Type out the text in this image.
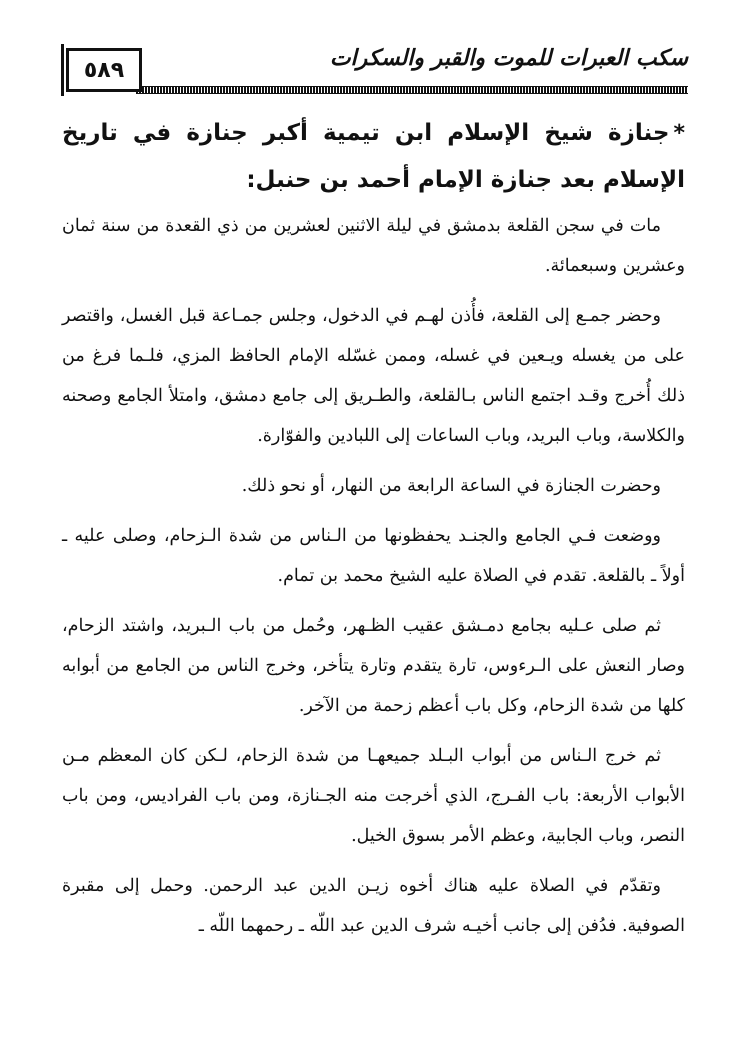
سكب العبرات للموت والقبر والسكرات
٥٨٩
*جنازة شيخ الإسلام ابن تيمية أكبر جنازة في تاريخ الإسلام بعد جنازة الإمام أحمد بن حنبل:

مات في سجن القلعة بدمشق في ليلة الاثنين لعشرين من ذي القعدة من سنة ثمان وعشرين وسبعمائة.

وحضر جمـع إلى القلعة، فأُذن لهـم في الدخول، وجلس جمـاعة قبل الغسل، واقتصر على من يغسله ويـعين في غسله، وممن غسّله الإمام الحافظ المزي، فلـما فرغ من ذلك أُخرج وقـد اجتمع الناس بـالقلعة، والطـريق إلى جامع دمشق، وامتلأ الجامع وصحنه والكلاسة، وباب البريد، وباب الساعات إلى اللبادين والفوّارة.

وحضرت الجنازة في الساعة الرابعة من النهار، أو نحو ذلك.

ووضعت فـي الجامع والجنـد يحفظونها من الـناس من شدة الـزحام، وصلى عليه ـ أولاً ـ بالقلعة. تقدم في الصلاة عليه الشيخ محمد بن تمام.

ثم صلى عـليه بجامع دمـشق عقيب الظـهر، وحُمل من باب الـبريد، واشتد الزحام، وصار النعش على الـرءوس، تارة يتقدم وتارة يتأخر، وخرج الناس من الجامع من أبوابه كلها من شدة الزحام، وكل باب أعظم زحمة من الآخر.

ثم خرج الـناس من أبواب البـلد جميعهـا من شدة الزحام، لـكن كان المعظم مـن الأبواب الأربعة: باب الفـرج، الذي أخرجت منه الجـنازة، ومن باب الفراديس، ومن باب النصر، وباب الجابية، وعظم الأمر بسوق الخيل.

وتقدّم في الصلاة عليه هناك أخوه زيـن الدين عبد الرحمن. وحمل إلى مقبرة الصوفية. فدُفن إلى جانب أخيـه شرف الدين عبد اللّه ـ رحمهما اللّه ـ
